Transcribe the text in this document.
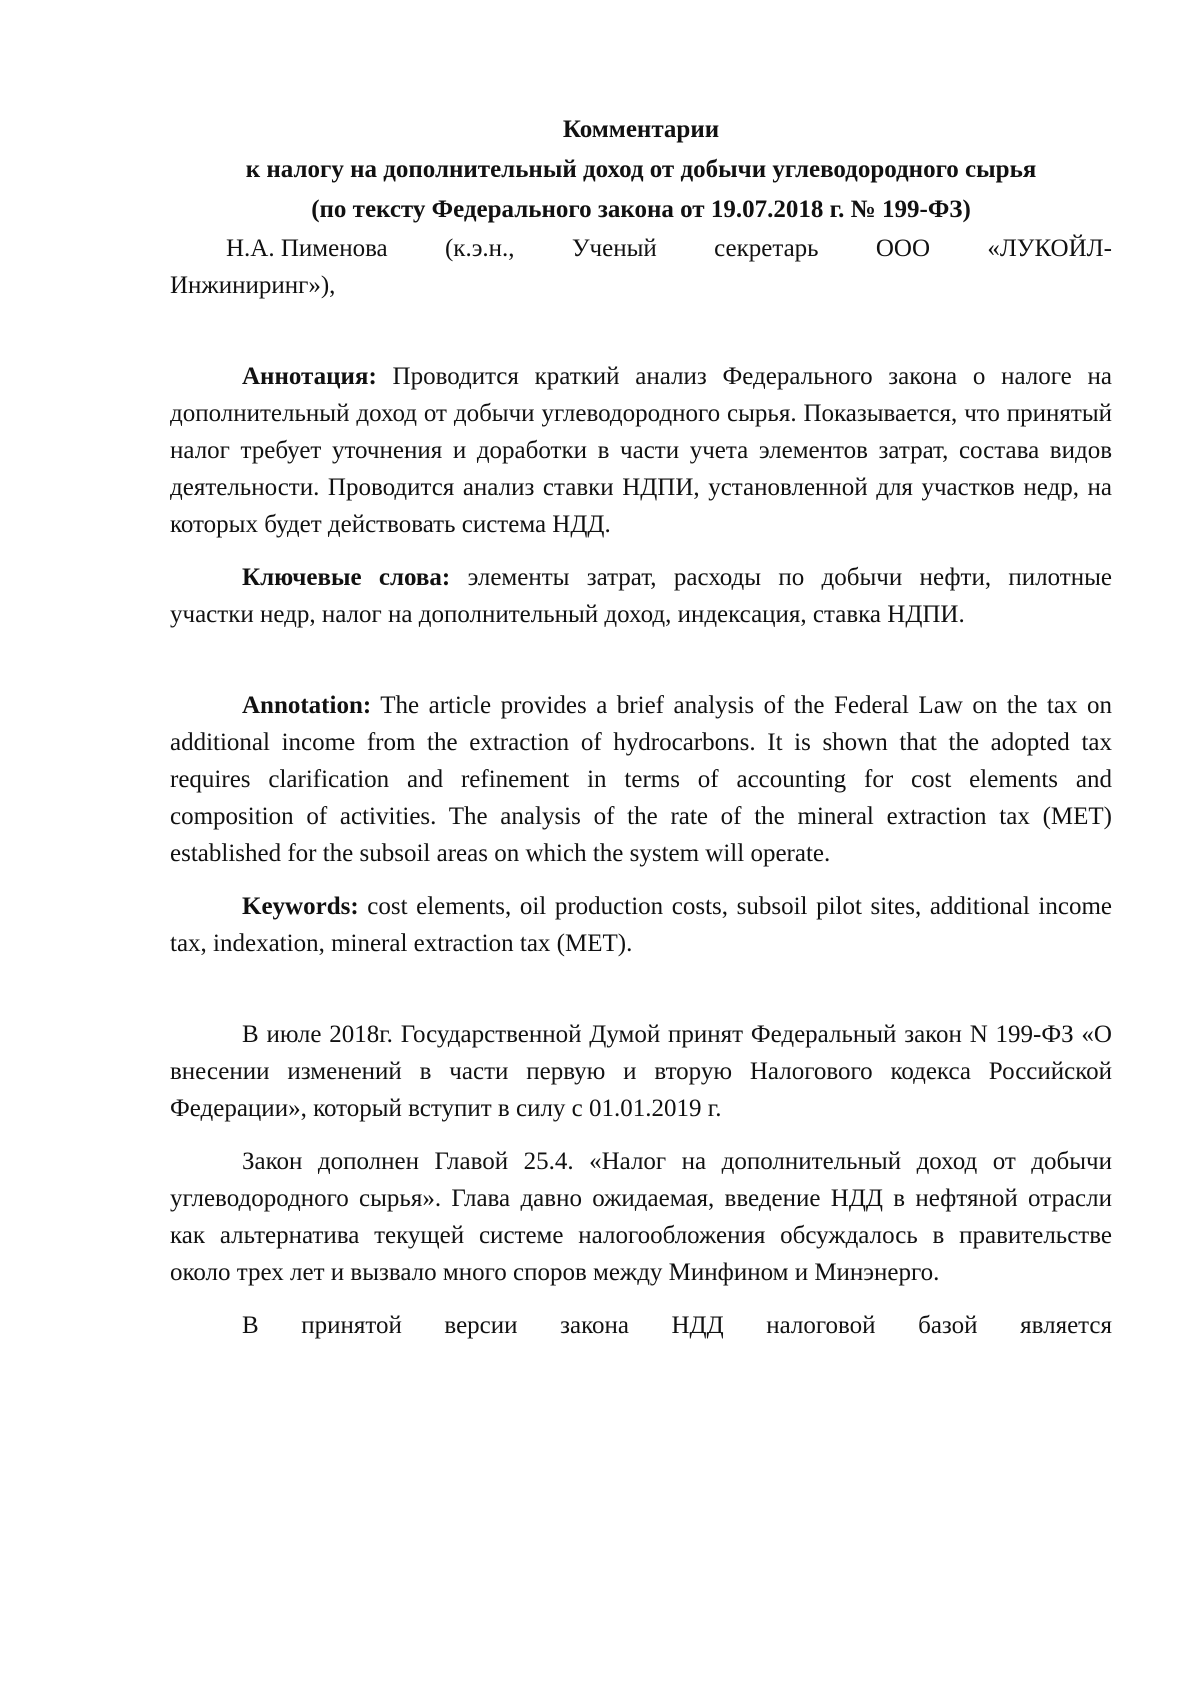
Комментарии
к налогу на дополнительный доход от добычи углеводородного сырья
(по тексту Федерального закона от 19.07.2018 г. № 199-ФЗ)
Н.А. Пименова (к.э.н., Ученый секретарь ООО «ЛУКОЙЛ-

Инжиниринг»),

Аннотация: Проводится краткий анализ Федерального закона о налоге на дополнительный доход от добычи углеводородного сырья. Показывается, что принятый налог требует уточнения и доработки в части учета элементов затрат, состава видов деятельности. Проводится анализ ставки НДПИ, установленной для участков недр, на которых будет действовать система НДД.

Ключевые слова: элементы затрат, расходы по добычи нефти, пилотные участки недр, налог на дополнительный доход, индексация, ставка НДПИ.

Annotation: The article provides a brief analysis of the Federal Law on the tax on additional income from the extraction of hydrocarbons. It is shown that the adopted tax requires clarification and refinement in terms of accounting for cost elements and composition of activities. The analysis of the rate of the mineral extraction tax (MET) established for the subsoil areas on which the system will operate.

Keywords: cost elements, oil production costs, subsoil pilot sites, additional income tax, indexation, mineral extraction tax (MET).

В июле 2018г. Государственной Думой принят Федеральный закон N 199-ФЗ «О внесении изменений в части первую и вторую Налогового кодекса Российской Федерации», который вступит в силу с 01.01.2019 г.

Закон дополнен Главой 25.4. «Налог на дополнительный доход от добычи углеводородного сырья». Глава давно ожидаемая, введение НДД в нефтяной отрасли как альтернатива текущей системе налогообложения обсуждалось в правительстве около трех лет и вызвало много споров между Минфином и Минэнерго.

В принятой версии закона НДД налоговой базой является
